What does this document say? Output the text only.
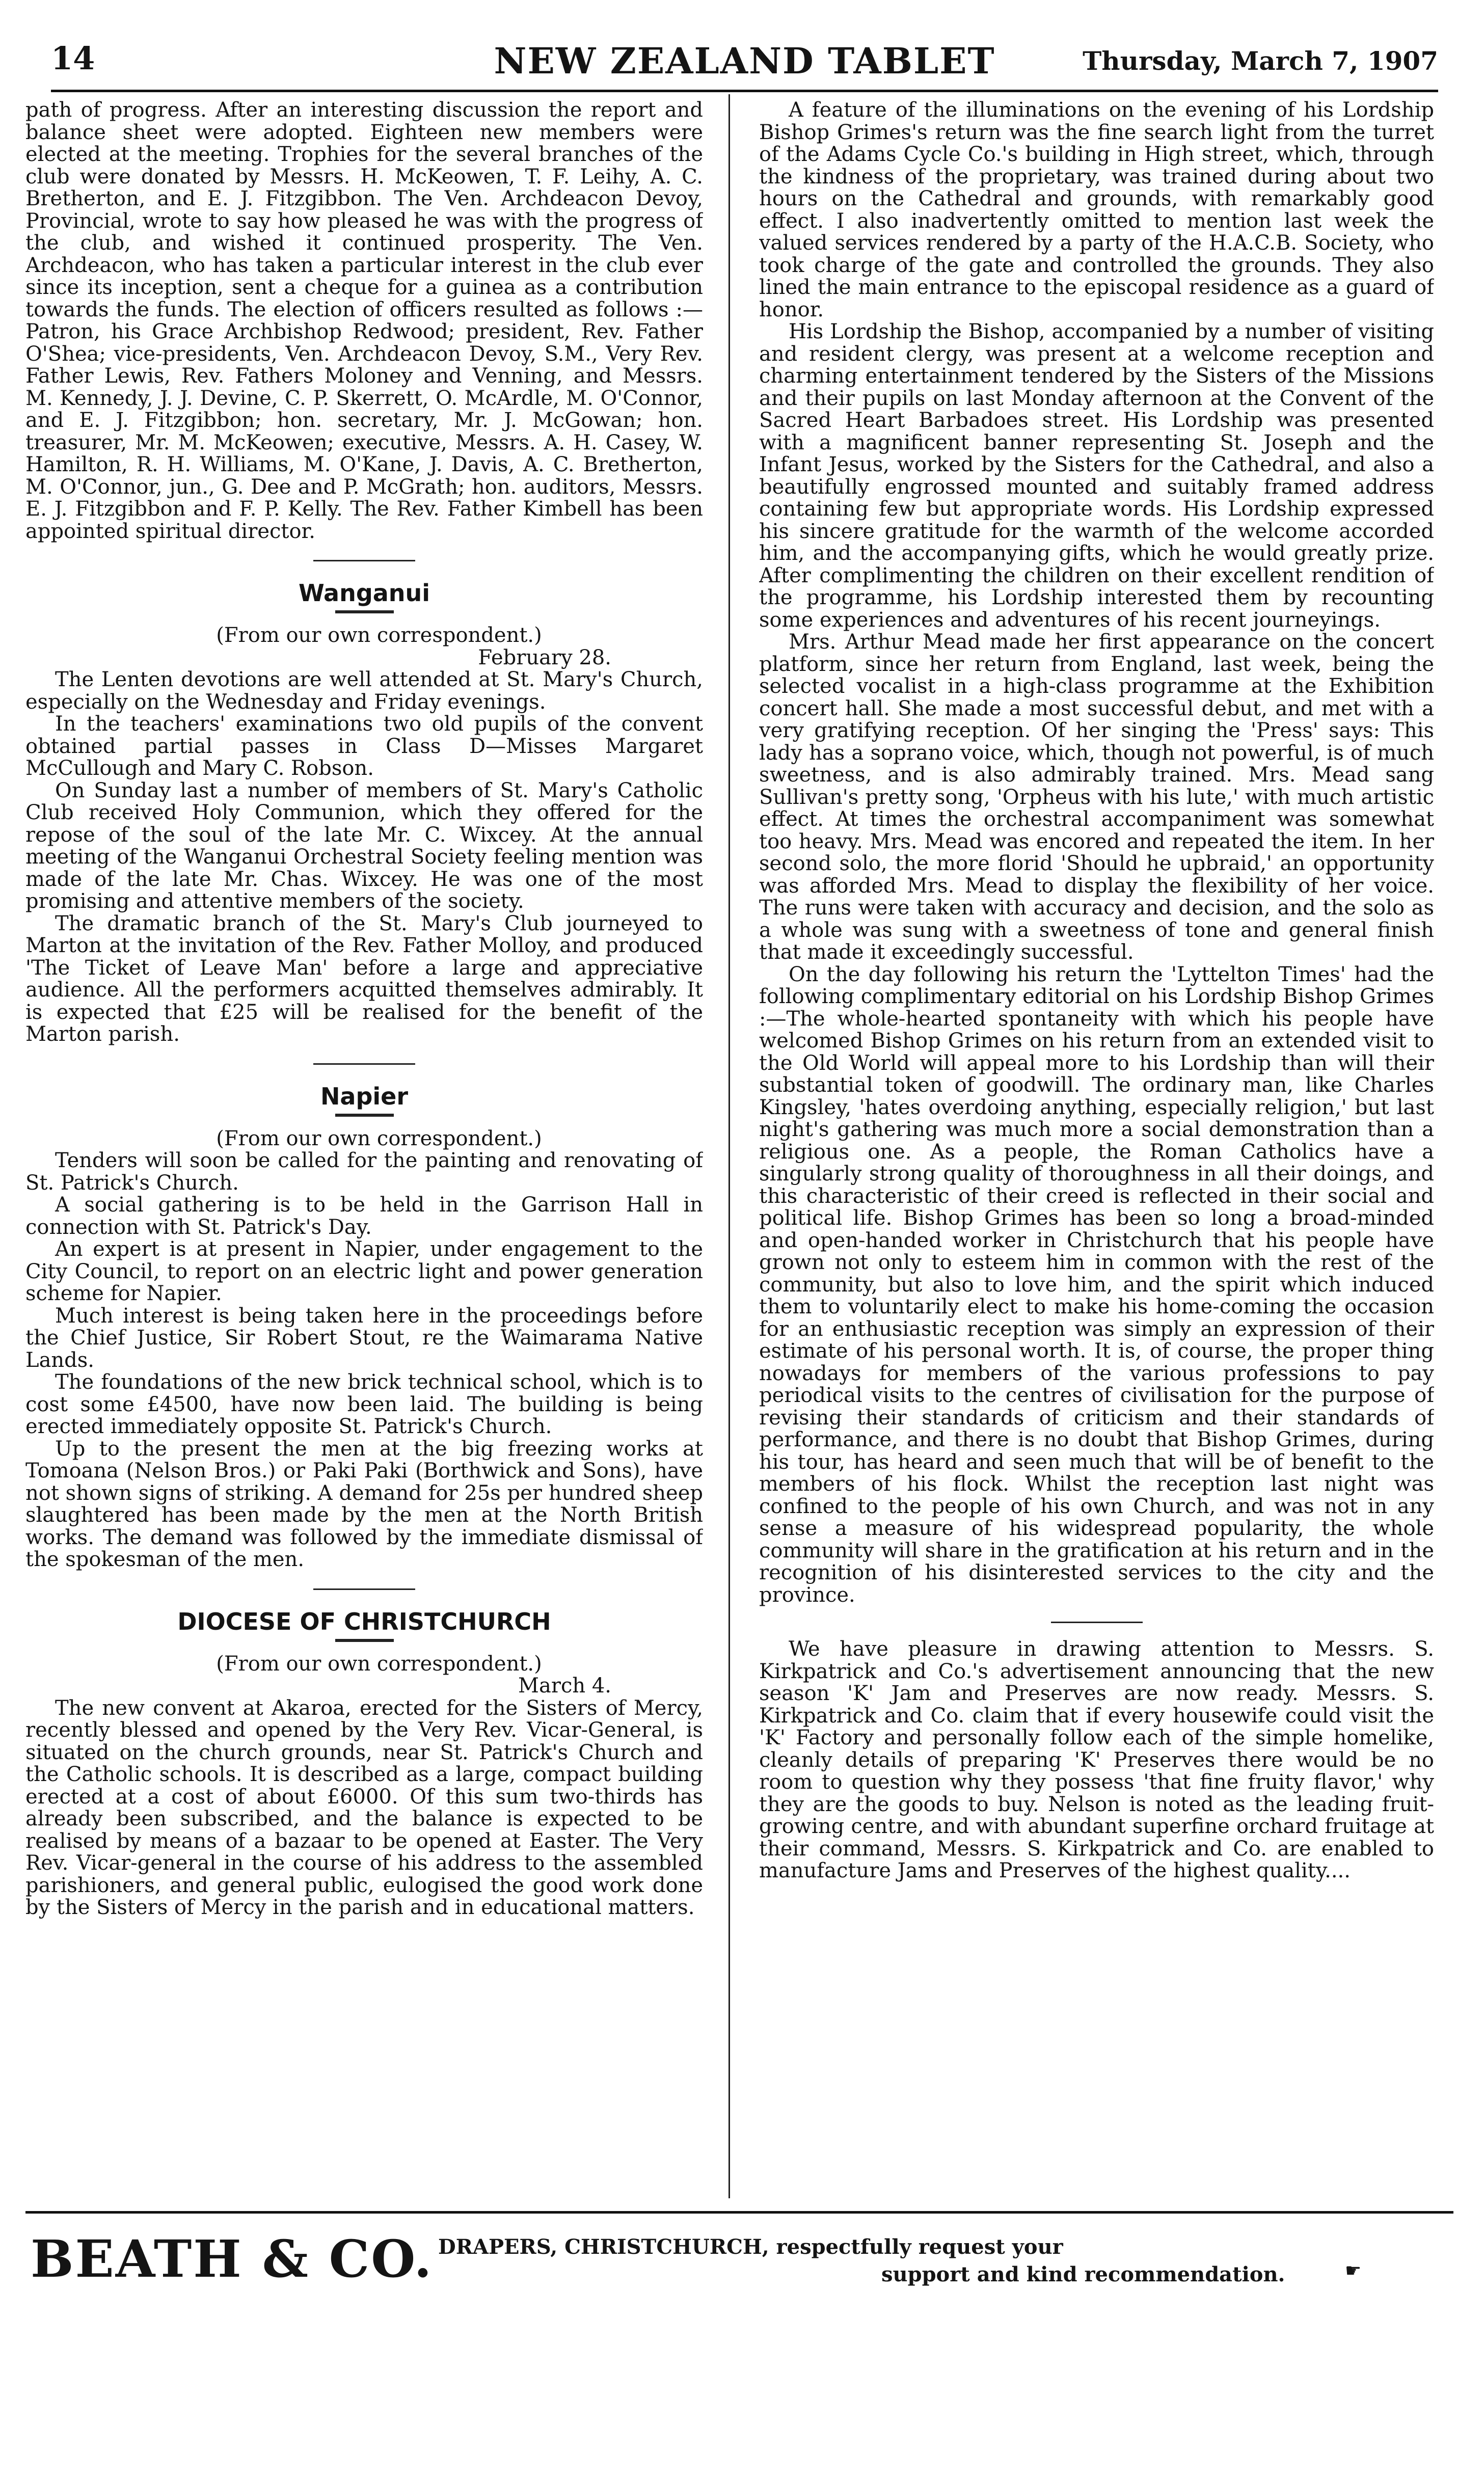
14	NEW ZEALAND TABLET	Thursday, March 7, 1907

path of progress. After an interesting discussion the report and balance sheet were adopted. Eighteen new members were elected at the meeting. Trophies for the several branches of the club were donated by Messrs. H. McKeowen, T. F. Leihy, A. C. Bretherton, and E. J. Fitzgibbon. The Ven. Archdeacon Devoy, Provincial, wrote to say how pleased he was with the progress of the club, and wished it continued prosperity. The Ven. Archdeacon, who has taken a particular interest in the club ever since its inception, sent a cheque for a guinea as a contribution towards the funds. The election of officers resulted as follows :—Patron, his Grace Archbishop Redwood; president, Rev. Father O'Shea; vice-presidents, Ven. Archdeacon Devoy, S.M., Very Rev. Father Lewis, Rev. Fathers Moloney and Venning, and Messrs. M. Kennedy, J. J. Devine, C. P. Skerrett, O. McArdle, M. O'Connor, and E. J. Fitzgibbon; hon. secretary, Mr. J. McGowan; hon. treasurer, Mr. M. McKeowen; executive, Messrs. A. H. Casey, W. Hamilton, R. H. Williams, M. O'Kane, J. Davis, A. C. Bretherton, M. O'Connor, jun., G. Dee and P. McGrath; hon. auditors, Messrs. E. J. Fitzgibbon and F. P. Kelly. The Rev. Father Kimbell has been appointed spiritual director.

Wanganui

(From our own correspondent.)

February 28.

The Lenten devotions are well attended at St. Mary's Church, especially on the Wednesday and Friday evenings.

In the teachers' examinations two old pupils of the convent obtained partial passes in Class D—Misses Margaret McCullough and Mary C. Robson.

On Sunday last a number of members of St. Mary's Catholic Club received Holy Communion, which they offered for the repose of the soul of the late Mr. C. Wixcey. At the annual meeting of the Wanganui Orchestral Society feeling mention was made of the late Mr. Chas. Wixcey. He was one of the most promising and attentive members of the society.

The dramatic branch of the St. Mary's Club journeyed to Marton at the invitation of the Rev. Father Molloy, and produced 'The Ticket of Leave Man' before a large and appreciative audience. All the performers acquitted themselves admirably. It is expected that £25 will be realised for the benefit of the Marton parish.

Napier

(From our own correspondent.)

Tenders will soon be called for the painting and renovating of St. Patrick's Church.

A social gathering is to be held in the Garrison Hall in connection with St. Patrick's Day.

An expert is at present in Napier, under engagement to the City Council, to report on an electric light and power generation scheme for Napier.

Much interest is being taken here in the proceedings before the Chief Justice, Sir Robert Stout, re the Waimarama Native Lands.

The foundations of the new brick technical school, which is to cost some £4500, have now been laid. The building is being erected immediately opposite St. Patrick's Church.

Up to the present the men at the big freezing works at Tomoana (Nelson Bros.) or Paki Paki (Borthwick and Sons), have not shown signs of striking. A demand for 25s per hundred sheep slaughtered has been made by the men at the North British works. The demand was followed by the immediate dismissal of the spokesman of the men.

DIOCESE OF CHRISTCHURCH

(From our own correspondent.)

March 4.

The new convent at Akaroa, erected for the Sisters of Mercy, recently blessed and opened by the Very Rev. Vicar-General, is situated on the church grounds, near St. Patrick's Church and the Catholic schools. It is described as a large, compact building erected at a cost of about £6000. Of this sum two-thirds has already been subscribed, and the balance is expected to be realised by means of a bazaar to be opened at Easter. The Very Rev. Vicar-general in the course of his address to the assembled parishioners, and general public, eulogised the good work done by the Sisters of Mercy in the parish and in educational matters.

A feature of the illuminations on the evening of his Lordship Bishop Grimes's return was the fine search light from the turret of the Adams Cycle Co.'s building in High street, which, through the kindness of the proprietary, was trained during about two hours on the Cathedral and grounds, with remarkably good effect. I also inadvertently omitted to mention last week the valued services rendered by a party of the H.A.C.B. Society, who took charge of the gate and controlled the grounds. They also lined the main entrance to the episcopal residence as a guard of honor.

His Lordship the Bishop, accompanied by a number of visiting and resident clergy, was present at a welcome reception and charming entertainment tendered by the Sisters of the Missions and their pupils on last Monday afternoon at the Convent of the Sacred Heart Barbadoes street. His Lordship was presented with a magnificent banner representing St. Joseph and the Infant Jesus, worked by the Sisters for the Cathedral, and also a beautifully engrossed mounted and suitably framed address containing few but appropriate words. His Lordship expressed his sincere gratitude for the warmth of the welcome accorded him, and the accompanying gifts, which he would greatly prize. After complimenting the children on their excellent rendition of the programme, his Lordship interested them by recounting some experiences and adventures of his recent journeyings.

Mrs. Arthur Mead made her first appearance on the concert platform, since her return from England, last week, being the selected vocalist in a high-class programme at the Exhibition concert hall. She made a most successful debut, and met with a very gratifying reception. Of her singing the 'Press' says: This lady has a soprano voice, which, though not powerful, is of much sweetness, and is also admirably trained. Mrs. Mead sang Sullivan's pretty song, 'Orpheus with his lute,' with much artistic effect. At times the orchestral accompaniment was somewhat too heavy. Mrs. Mead was encored and repeated the item. In her second solo, the more florid 'Should he upbraid,' an opportunity was afforded Mrs. Mead to display the flexibility of her voice. The runs were taken with accuracy and decision, and the solo as a whole was sung with a sweetness of tone and general finish that made it exceedingly successful.

On the day following his return the 'Lyttelton Times' had the following complimentary editorial on his Lordship Bishop Grimes :—The whole-hearted spontaneity with which his people have welcomed Bishop Grimes on his return from an extended visit to the Old World will appeal more to his Lordship than will their substantial token of goodwill. The ordinary man, like Charles Kingsley, 'hates overdoing anything, especially religion,' but last night's gathering was much more a social demonstration than a religious one. As a people, the Roman Catholics have a singularly strong quality of thoroughness in all their doings, and this characteristic of their creed is reflected in their social and political life. Bishop Grimes has been so long a broad-minded and open-handed worker in Christchurch that his people have grown not only to esteem him in common with the rest of the community, but also to love him, and the spirit which induced them to voluntarily elect to make his home-coming the occasion for an enthusiastic reception was simply an expression of their estimate of his personal worth. It is, of course, the proper thing nowadays for members of the various professions to pay periodical visits to the centres of civilisation for the purpose of revising their standards of criticism and their standards of performance, and there is no doubt that Bishop Grimes, during his tour, has heard and seen much that will be of benefit to the members of his flock. Whilst the reception last night was confined to the people of his own Church, and was not in any sense a measure of his widespread popularity, the whole community will share in the gratification at his return and in the recognition of his disinterested services to the city and the province.

We have pleasure in drawing attention to Messrs. S. Kirkpatrick and Co.'s advertisement announcing that the new season 'K' Jam and Preserves are now ready. Messrs. S. Kirkpatrick and Co. claim that if every housewife could visit the 'K' Factory and personally follow each of the simple homelike, cleanly details of preparing 'K' Preserves there would be no room to question why they possess 'that fine fruity flavor,' why they are the goods to buy. Nelson is noted as the leading fruit-growing centre, and with abundant superfine orchard fruitage at their command, Messrs. S. Kirkpatrick and Co. are enabled to manufacture Jams and Preserves of the highest quality....

BEATH & CO. DRAPERS, CHRISTCHURCH, respectfully request your
support and kind recommendation.	☛
